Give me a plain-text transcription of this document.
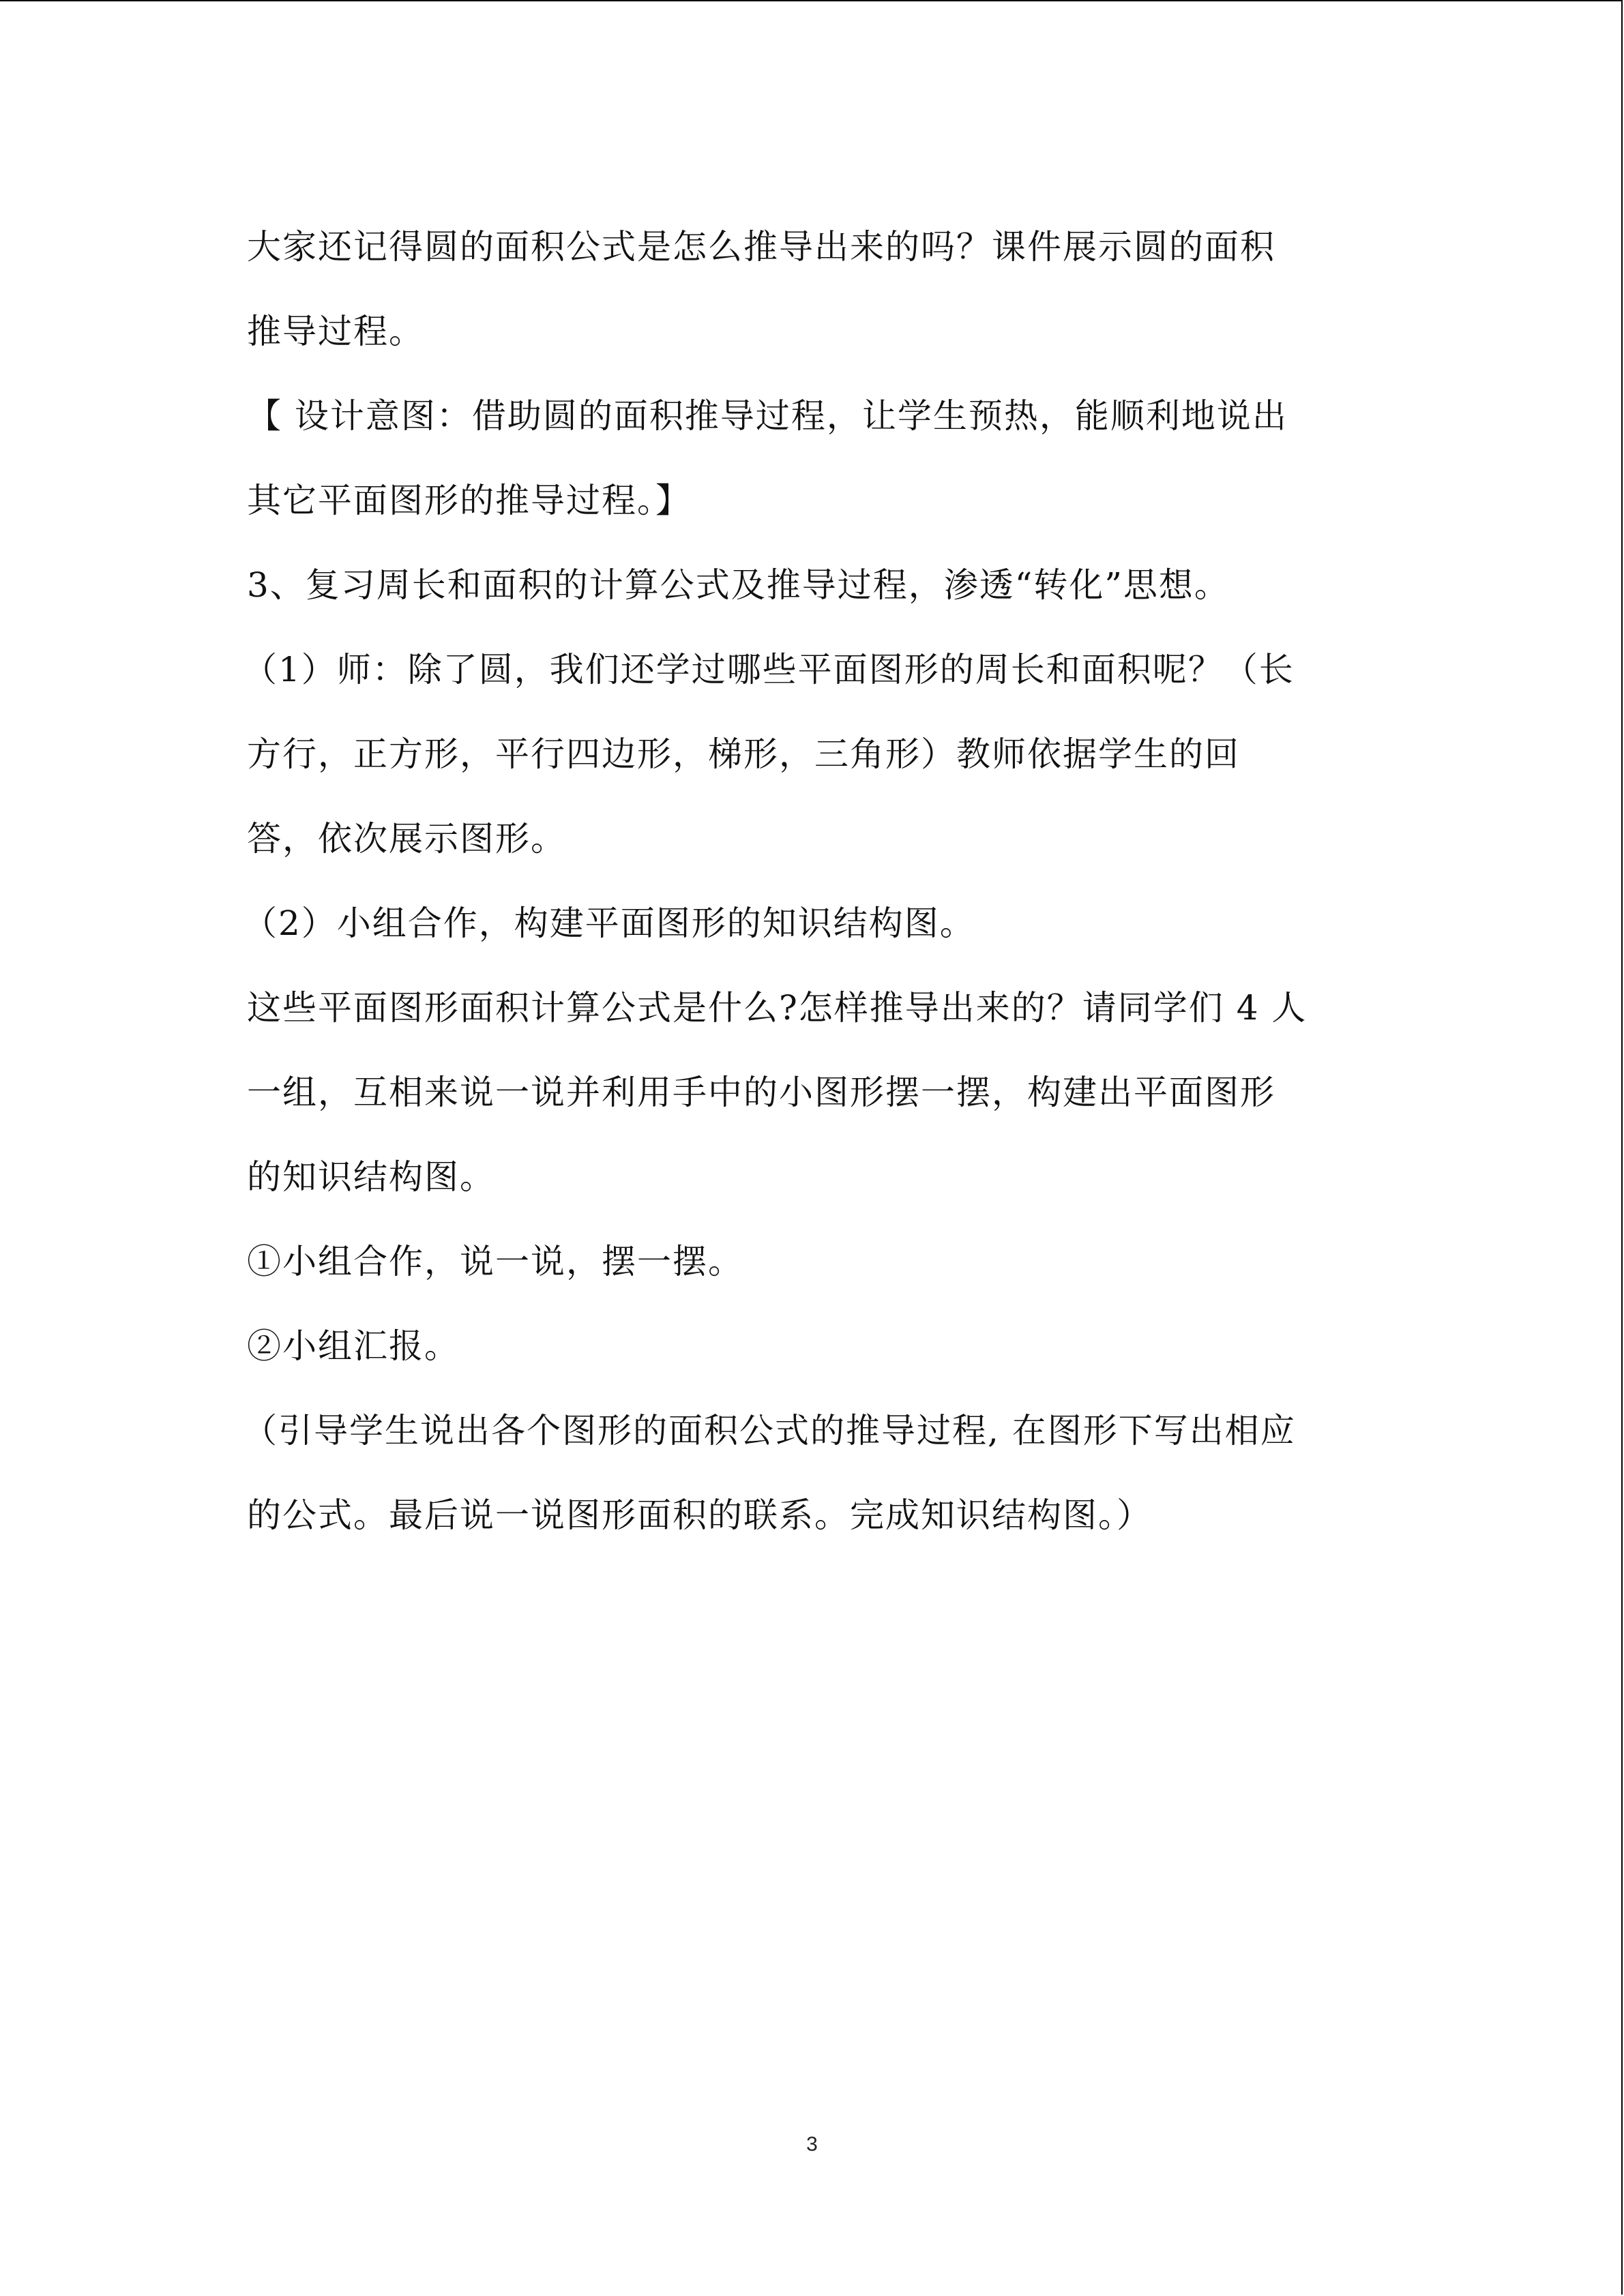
大家还记得圆的面积公式是怎么推导出来的吗？课件展示圆的面积
推导过程。
【 设计意图：借助圆的面积推导过程，让学生预热，能顺利地说出
其它平面图形的推导过程。】
3、复习周长和面积的计算公式及推导过程，渗透“转化”思想。
（1）师：除了圆，我们还学过哪些平面图形的周长和面积呢？（长
方行，正方形，平行四边形，梯形，三角形）教师依据学生的回
答，依次展示图形。
（2）小组合作，构建平面图形的知识结构图。
这些平面图形面积计算公式是什么?怎样推导出来的？请同学们 4 人
一组，互相来说一说并利用手中的小图形摆一摆，构建出平面图形
的知识结构图。
①小组合作，说一说，摆一摆。
②小组汇报。
（引导学生说出各个图形的面积公式的推导过程, 在图形下写出相应
的公式。最后说一说图形面积的联系。完成知识结构图。）
3
